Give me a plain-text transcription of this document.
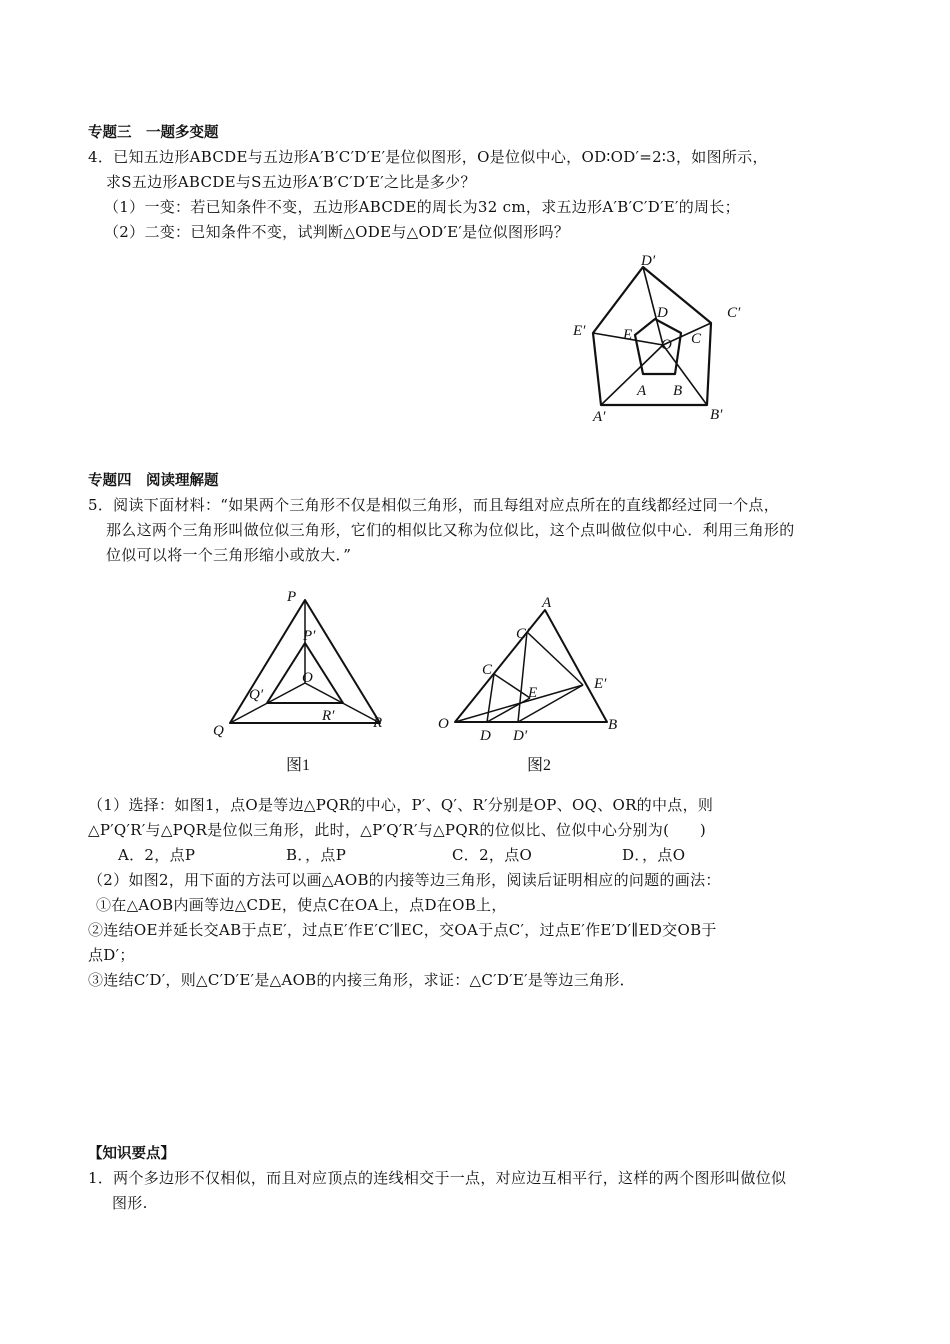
专题三　一题多变题
4．已知五边形ABCDE与五边形A′B′C′D′E′是位似图形，O是位似中心，OD∶OD′=2∶3，如图所示，
求S五边形ABCDE与S五边形A′B′C′D′E′之比是多少？
（1）一变：若已知条件不变，五边形ABCDE的周长为32 cm，求五边形A′B′C′D′E′的周长；
（2）二变：已知条件不变，试判断△ODE与△OD′E′是位似图形吗？
D′
C′
E′
A′	B′
D
C
E
O
A B
专题四　阅读理解题
5．阅读下面材料：“如果两个三角形不仅是相似三角形，而且每组对应点所在的直线都经过同一个点，
那么这两个三角形叫做位似三角形，它们的相似比又称为位似比，这个点叫做位似中心．利用三角形的
位似可以将一个三角形缩小或放大．”
P
P′
O
Q′
R′
Q	R
图1
A
C′
C
E
E′
O
D D′
B
图2
（1）选择：如图1，点O是等边△PQR的中心，P′、Q′、R′分别是OP、OQ、OR的中点，则
△P′Q′R′与△PQR是位似三角形，此时，△P′Q′R′与△PQR的位似比、位似中心分别为(　　)
A．2，点P	B．，点P	C．2，点O	D．，点O
（2）如图2，用下面的方法可以画△AOB的内接等边三角形，阅读后证明相应的问题的画法：
①在△AOB内画等边△CDE，使点C在OA上，点D在OB上，
②连结OE并延长交AB于点E′，过点E′作E′C′∥EC，交OA于点C′，过点E′作E′D′∥ED交OB于
点D′；
③连结C′D′，则△C′D′E′是△AOB的内接三角形，求证：△C′D′E′是等边三角形．
【知识要点】
1．两个多边形不仅相似，而且对应顶点的连线相交于一点，对应边互相平行，这样的两个图形叫做位似
图形.
